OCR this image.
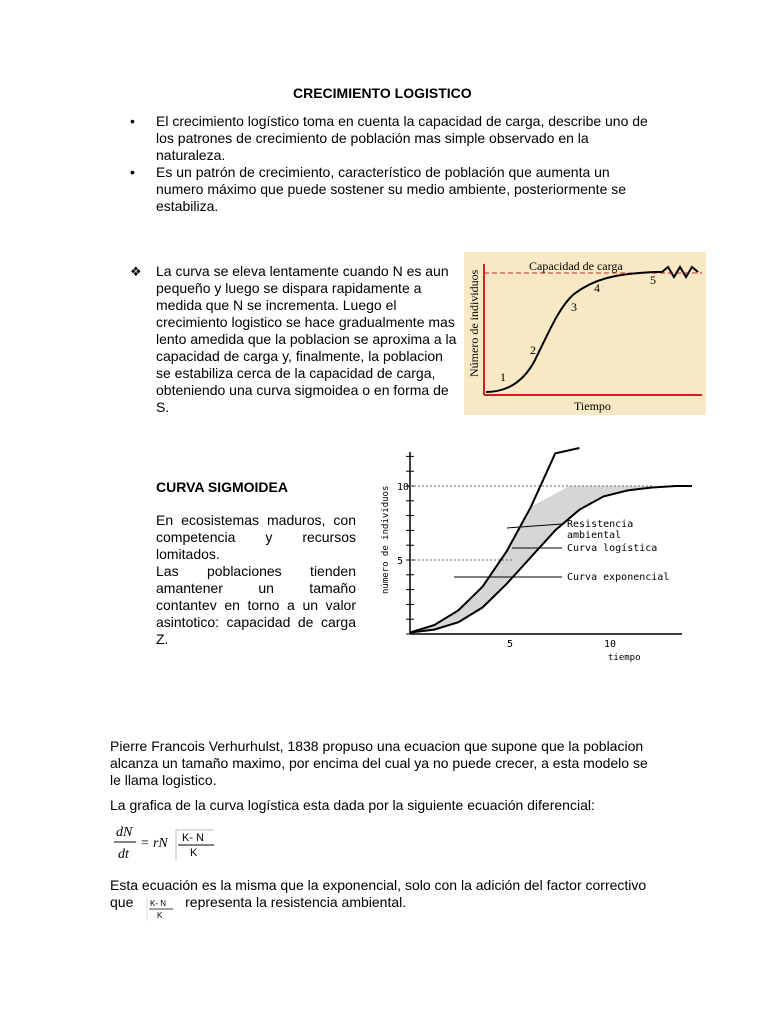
CRECIMIENTO LOGISTICO
• El crecimiento logístico toma en cuenta la capacidad de carga, describe uno de los patrones de crecimiento de población mas simple observado en la naturaleza.
• Es un patrón de crecimiento, característico de población que aumenta un numero máximo que puede sostener su medio ambiente, posteriormente se estabiliza.
❖ La curva se eleva lentamente cuando N es aun pequeño y luego se dispara rapidamente a medida que N se incrementa. Luego el crecimiento logistico se hace gradualmente mas lento amedida que la poblacion se aproxima a la capacidad de carga y, finalmente, la poblacion se estabiliza cerca de la capacidad de carga, obteniendo una curva sigmoidea o en forma de S.
Capacidad de carga
1
2
3
4
5
Tiempo
Número de individuos
Resistencia ambiental
Curva logística
Curva exponencial
10
5
5	10
tiempo
número de individuos
CURVA SIGMOIDEA

En ecosistemas maduros, con competencia y recursos lomitados.

Las poblaciones tienden amantener un tamaño contantev en torno a un valor asintotico: capacidad de carga Z.

Pierre Francois Verhurhulst, 1838 propuso una ecuacion que supone que la poblacion alcanza un tamaño maximo, por encima del cual ya no puede crecer, a esta modelo se le llama logistico.
La grafica de la curva logística esta dada por la siguiente ecuación diferencial:
dN
dt
= rN K- N
K
Esta ecuación es la misma que la exponencial, solo con la adición del factor correctivo que	representa la resistencia ambiental.
K- N
K
